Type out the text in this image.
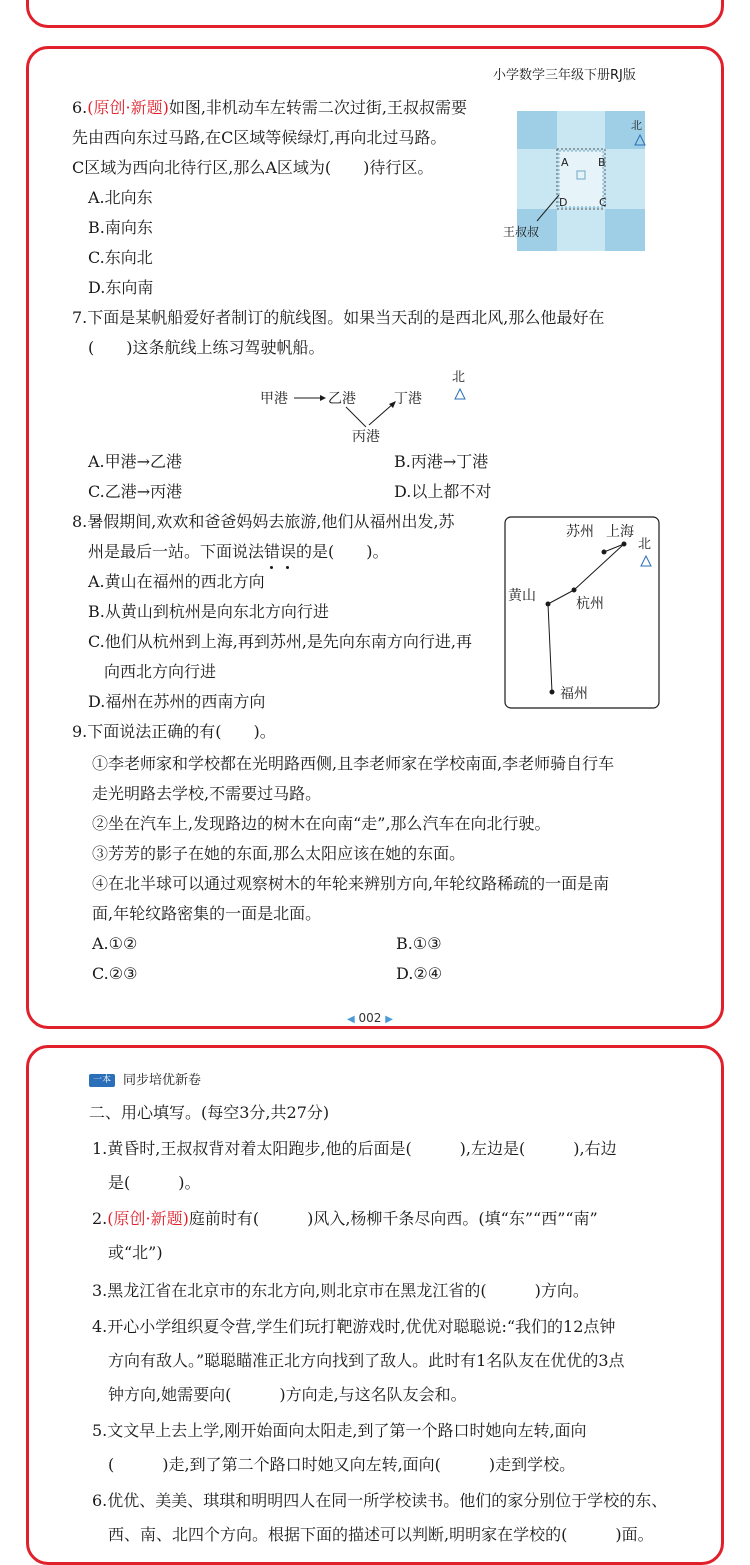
小学数学三年级下册RJ版
6.(原创·新题)如图,非机动车左转需二次过街,王叔叔需要
先由西向东过马路,在C区域等候绿灯,再向北过马路。
C区域为西向北待行区,那么A区域为(　　)待行区。
A.北向东
B.南向东
C.东向北
D.东向南
A	B
C
D
北
王叔叔
7.下面是某帆船爱好者制订的航线图。如果当天刮的是西北风,那么他最好在
(　　)这条航线上练习驾驶帆船。
甲港	乙港
丙港
丁港
北
A.甲港→乙港	B.丙港→丁港
C.乙港→丙港	D.以上都不对
8.暑假期间,欢欢和爸爸妈妈去旅游,他们从福州出发,苏
州是最后一站。下面说法错误的是(　　)。
A.黄山在福州的西北方向
B.从黄山到杭州是向东北方向行进
C.他们从杭州到上海,再到苏州,是先向东南方向行进,再
向西北方向行进
D.福州在苏州的西南方向
苏州 上海
黄山	杭州
福州
北
9.下面说法正确的有(　　)。
①李老师家和学校都在光明路西侧,且李老师家在学校南面,李老师骑自行车
走光明路去学校,不需要过马路。
②坐在汽车上,发现路边的树木在向南“走”,那么汽车在向北行驶。
③芳芳的影子在她的东面,那么太阳应该在她的东面。
④在北半球可以通过观察树木的年轮来辨别方向,年轮纹路稀疏的一面是南
面,年轮纹路密集的一面是北面。
A.①②	B.①③
C.②③	D.②④
◀ 002 ▶
一本 同步培优新卷
二、用心填写。(每空3分,共27分)
1.黄昏时,王叔叔背对着太阳跑步,他的后面是(　　　),左边是(　　　),右边
是(　　　)。
2.(原创·新题)庭前时有(　　　)风入,杨柳千条尽向西。(填“东”“西”“南”
或“北”)
3.黑龙江省在北京市的东北方向,则北京市在黑龙江省的(　　　)方向。
4.开心小学组织夏令营,学生们玩打靶游戏时,优优对聪聪说:“我们的12点钟
方向有敌人。”聪聪瞄准正北方向找到了敌人。此时有1名队友在优优的3点
钟方向,她需要向(　　　)方向走,与这名队友会和。
5.文文早上去上学,刚开始面向太阳走,到了第一个路口时她向左转,面向
(　　　)走,到了第二个路口时她又向左转,面向(　　　)走到学校。
6.优优、美美、琪琪和明明四人在同一所学校读书。他们的家分别位于学校的东、
西、南、北四个方向。根据下面的描述可以判断,明明家在学校的(　　　)面。
